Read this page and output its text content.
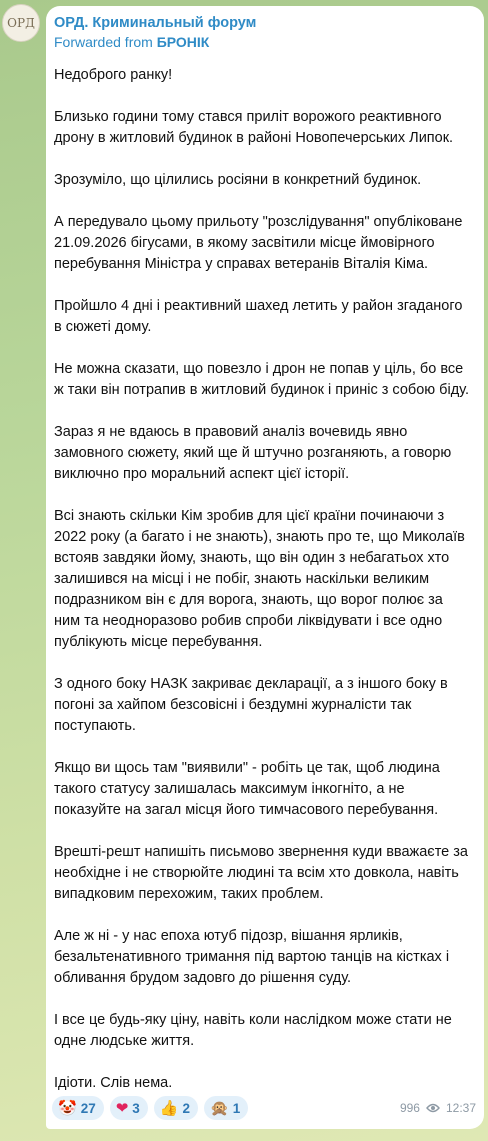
ОРД ОРД. Криминальный форум
Forwarded from БРОНІК

Недоброго ранку!

Близько години тому стався приліт ворожого реактивного дрону в житловий будинок в районі Новопечерських Липок.

Зрозуміло, що цілились росіяни в конкретний будинок.

А передувало цьому прильоту "розслідування" опубліковане 21.09.2026 бігусами, в якому засвітили місце ймовірного перебування Міністра у справах ветеранів Віталія Кіма.

Пройшло 4 дні і реактивний шахед летить у район згаданого в сюжеті дому.

Не можна сказати, що повезло і дрон не попав у ціль, бо все ж таки він потрапив в житловий будинок і приніс з собою біду.

Зараз я не вдаюсь в правовий аналіз вочевидь явно замовного сюжету, який ще й штучно розганяють, а говорю виключно про моральний аспект цієї історії.

Всі знають скільки Кім зробив для цієї країни починаючи з 2022 року (а багато і не знають), знають про те, що Миколаїв встояв завдяки йому, знають, що він один з небагатьох хто залишився на місці і не побіг, знають наскільки великим подразником він є для ворога, знають, що ворог полює за ним та неодноразово робив спроби ліквідувати і все одно публікують місце перебування.

З одного боку НАЗК закриває декларації, а з іншого боку в погоні за хайпом безсовісні і бездумні журналісти так поступають.

Якщо ви щось там "виявили" - робіть це так, щоб людина такого статусу залишалась максимум інкогніто, а не показуйте на загал місця його тимчасового перебування.

Врешті-решт напишіть письмово звернення куди вважаєте за необхідне і не створюйте людині та всім хто довкола, навіть випадковим перехожим, таких проблем.

Але ж ні - у нас епоха ютуб підозр, вішання ярликів, безальтенативного тримання під вартою танців на кістках і обливання брудом задовго до рішення суду.

І все це будь-яку ціну, навіть коли наслідком може стати не одне людське життя.

Ідіоти. Слів нема.

🤡 27 ❤ 3 👍 2 🙊 1	996 12:37
